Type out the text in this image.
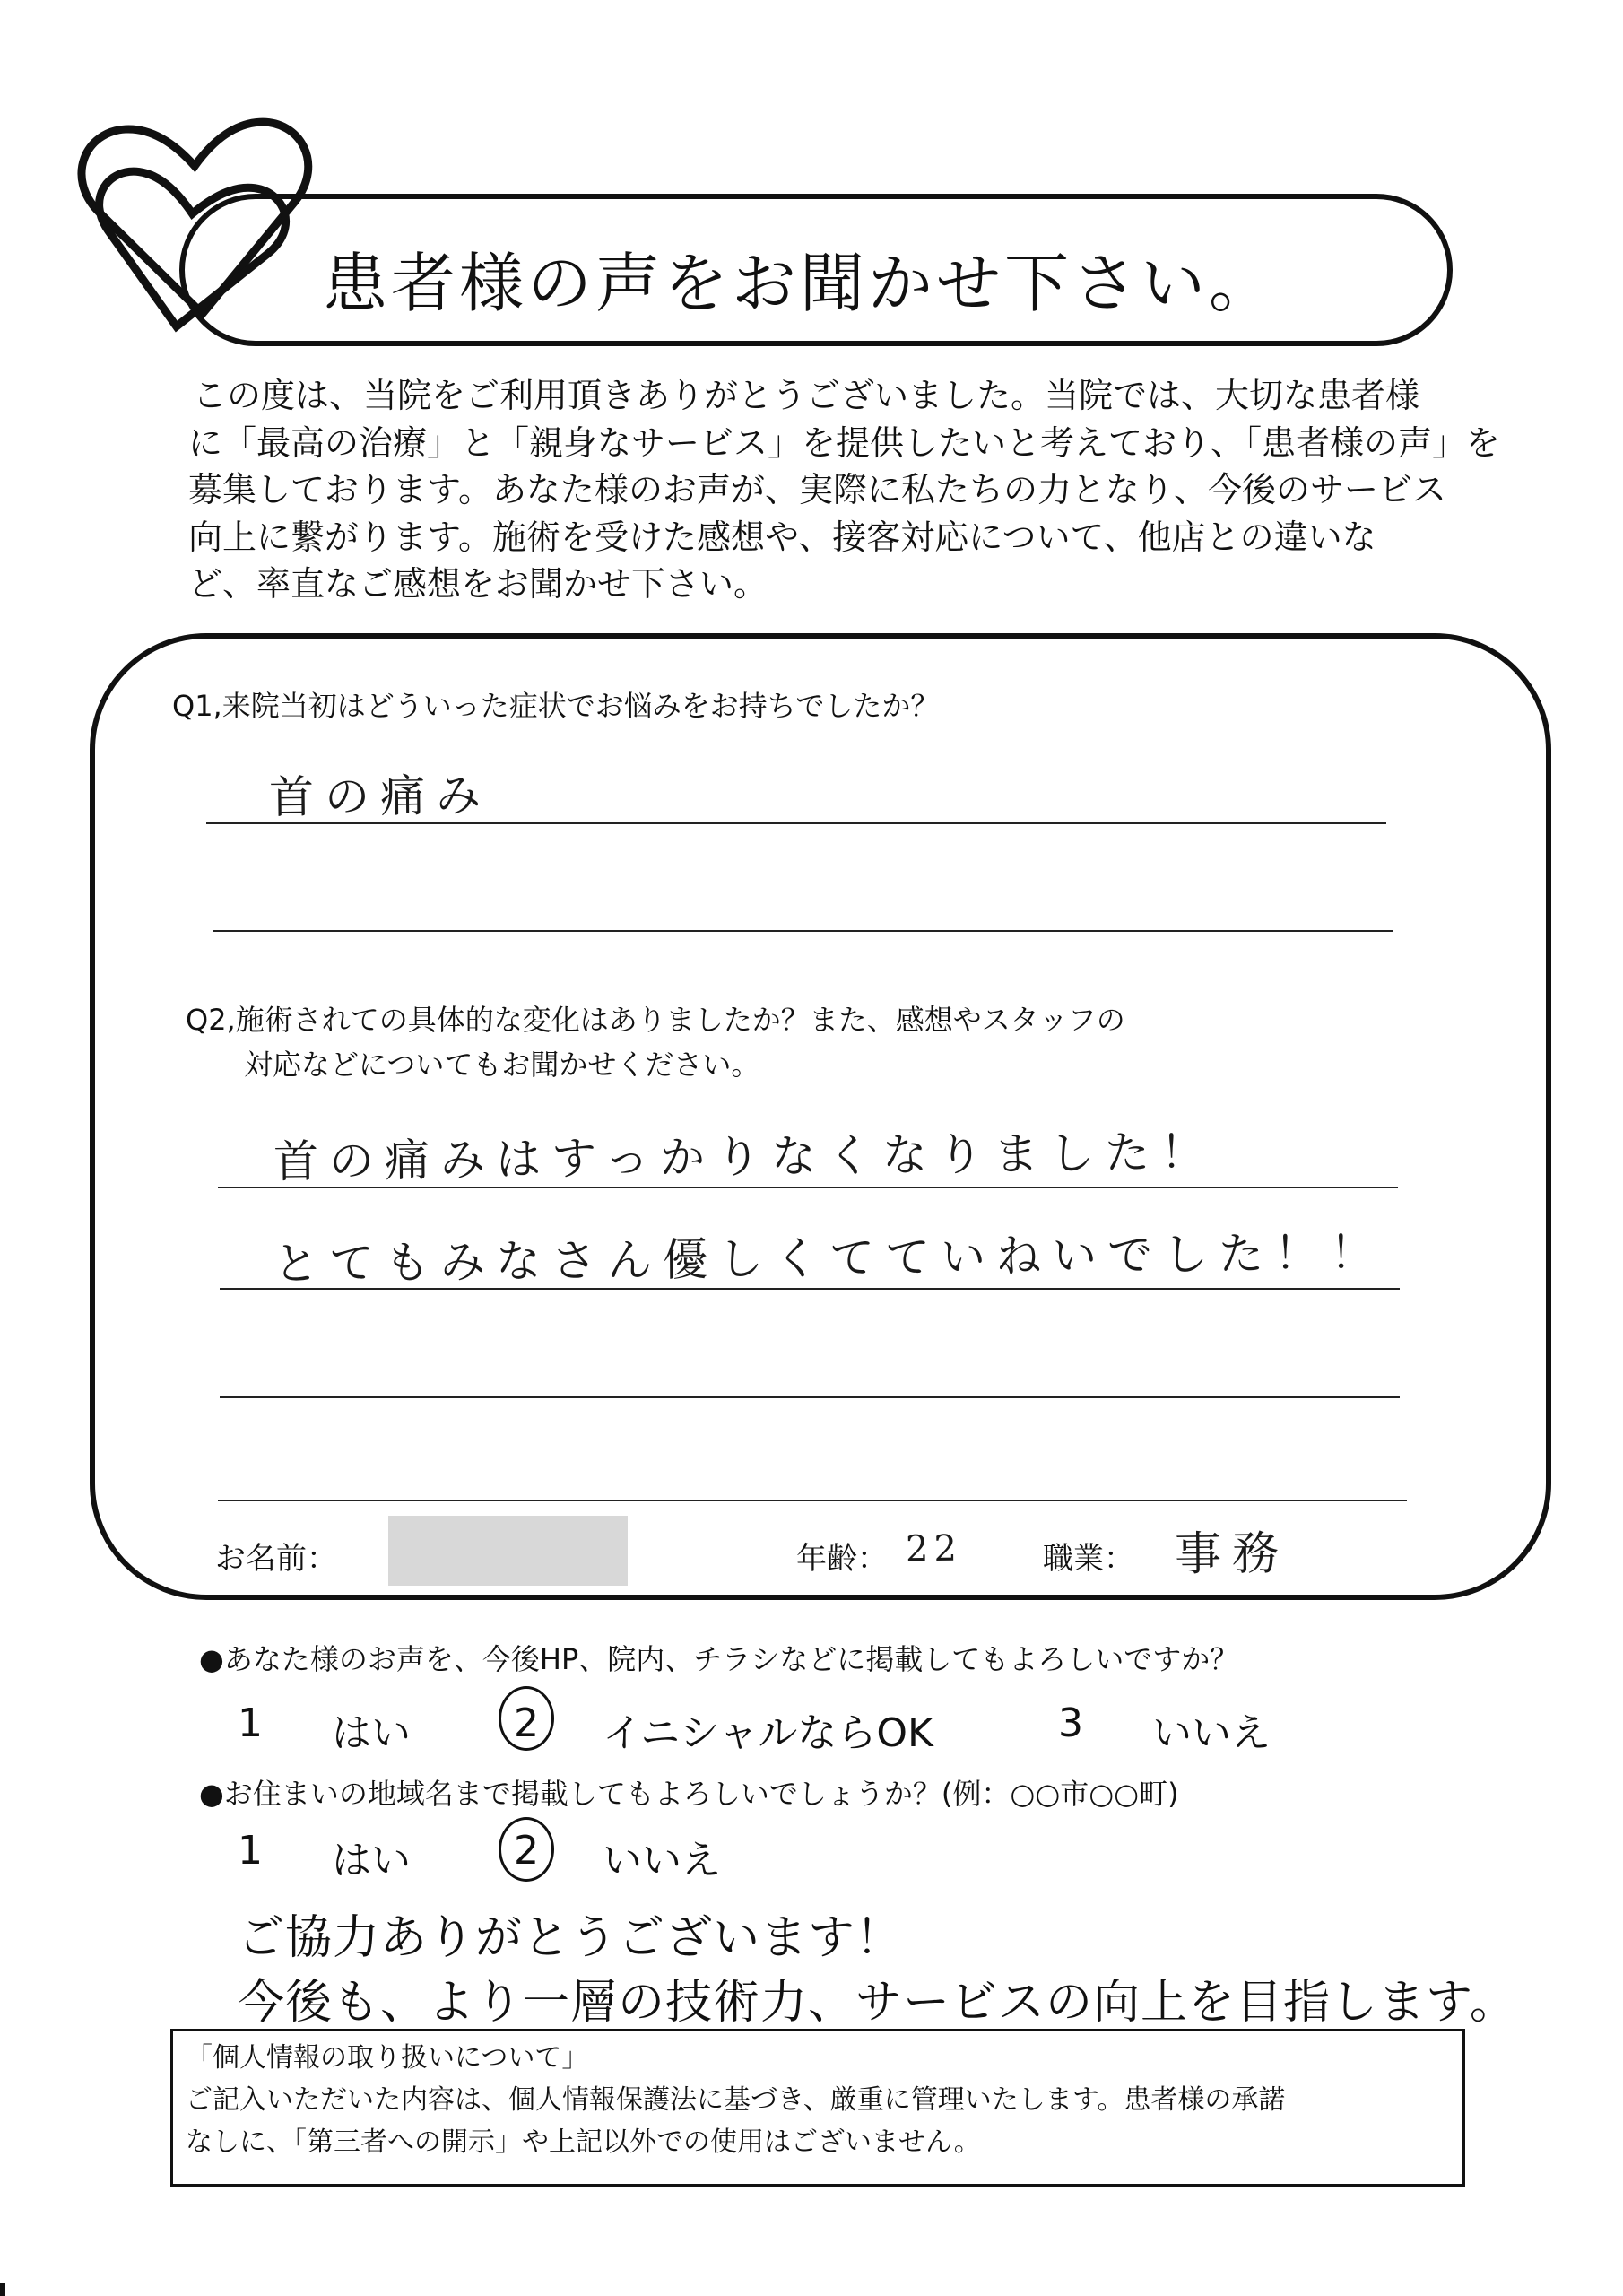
患者様の声をお聞かせ下さい。
この度は、当院をご利用頂きありがとうございました。当院では、大切な患者様
に「最高の治療」と「親身なサービス」を提供したいと考えており、「患者様の声」を
募集しております。あなた様のお声が、実際に私たちの力となり、今後のサービス
向上に繋がります。施術を受けた感想や、接客対応について、他店との違いな
ど、率直なご感想をお聞かせ下さい。
Q1,来院当初はどういった症状でお悩みをお持ちでしたか？
首の痛み
Q2,施術されての具体的な変化はありましたか？また、感想やスタッフの
対応などについてもお聞かせください。
首の痛みはすっかりなくなりました！
とてもみなさん優しくてていねいでした！！
お名前：	年齢： 22	職業： 事務
●あなた様のお声を、今後HP、院内、チラシなどに掲載してもよろしいですか？
1 はい	2 イニシャルならOK	3 いいえ
●お住まいの地域名まで掲載してもよろしいでしょうか？(例：○○市○○町)
1 はい	2 いいえ
ご協力ありがとうございます！
今後も、より一層の技術力、サービスの向上を目指します。
「個人情報の取り扱いについて」
ご記入いただいた内容は、個人情報保護法に基づき、厳重に管理いたします。患者様の承諾
なしに、「第三者への開示」や上記以外での使用はございません。
